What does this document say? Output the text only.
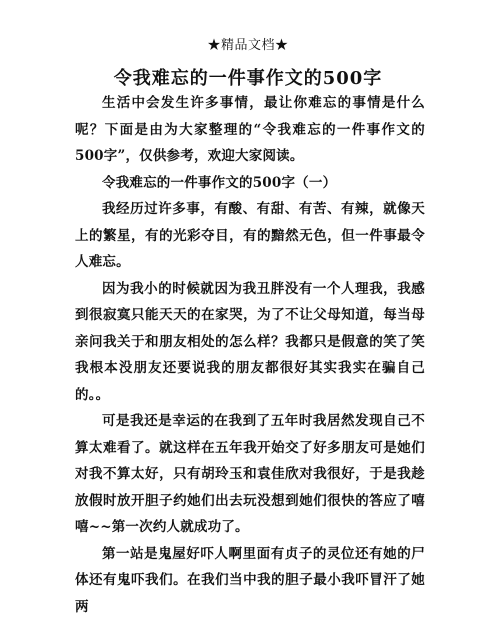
★精品文档★
令我难忘的一件事作文的500字

生活中会发生许多事情，最让你难忘的事情是什么呢？下面是由为大家整理的“令我难忘的一件事作文的500字”，仅供参考，欢迎大家阅读。

令我难忘的一件事作文的500字（一）

我经历过许多事，有酸、有甜、有苦、有辣，就像天上的繁星，有的光彩夺目，有的黯然无色，但一件事最令人难忘。

因为我小的时候就因为我丑胖没有一个人理我，我感到很寂寞只能天天的在家哭，为了不让父母知道，每当母亲问我关于和朋友相处的怎么样？我都只是假意的笑了笑我根本没朋友还要说我的朋友都很好其实我实在骗自己的。。

可是我还是幸运的在我到了五年时我居然发现自己不算太难看了。就这样在五年我开始交了好多朋友可是她们对我不算太好，只有胡玲玉和袁佳欣对我很好，于是我趁放假时放开胆子约她们出去玩没想到她们很快的答应了嘻嘻~~第一次约人就成功了。

第一站是鬼屋好吓人啊里面有贞子的灵位还有她的尸体还有鬼吓我们。在我们当中我的胆子最小我吓冒汗了她两
